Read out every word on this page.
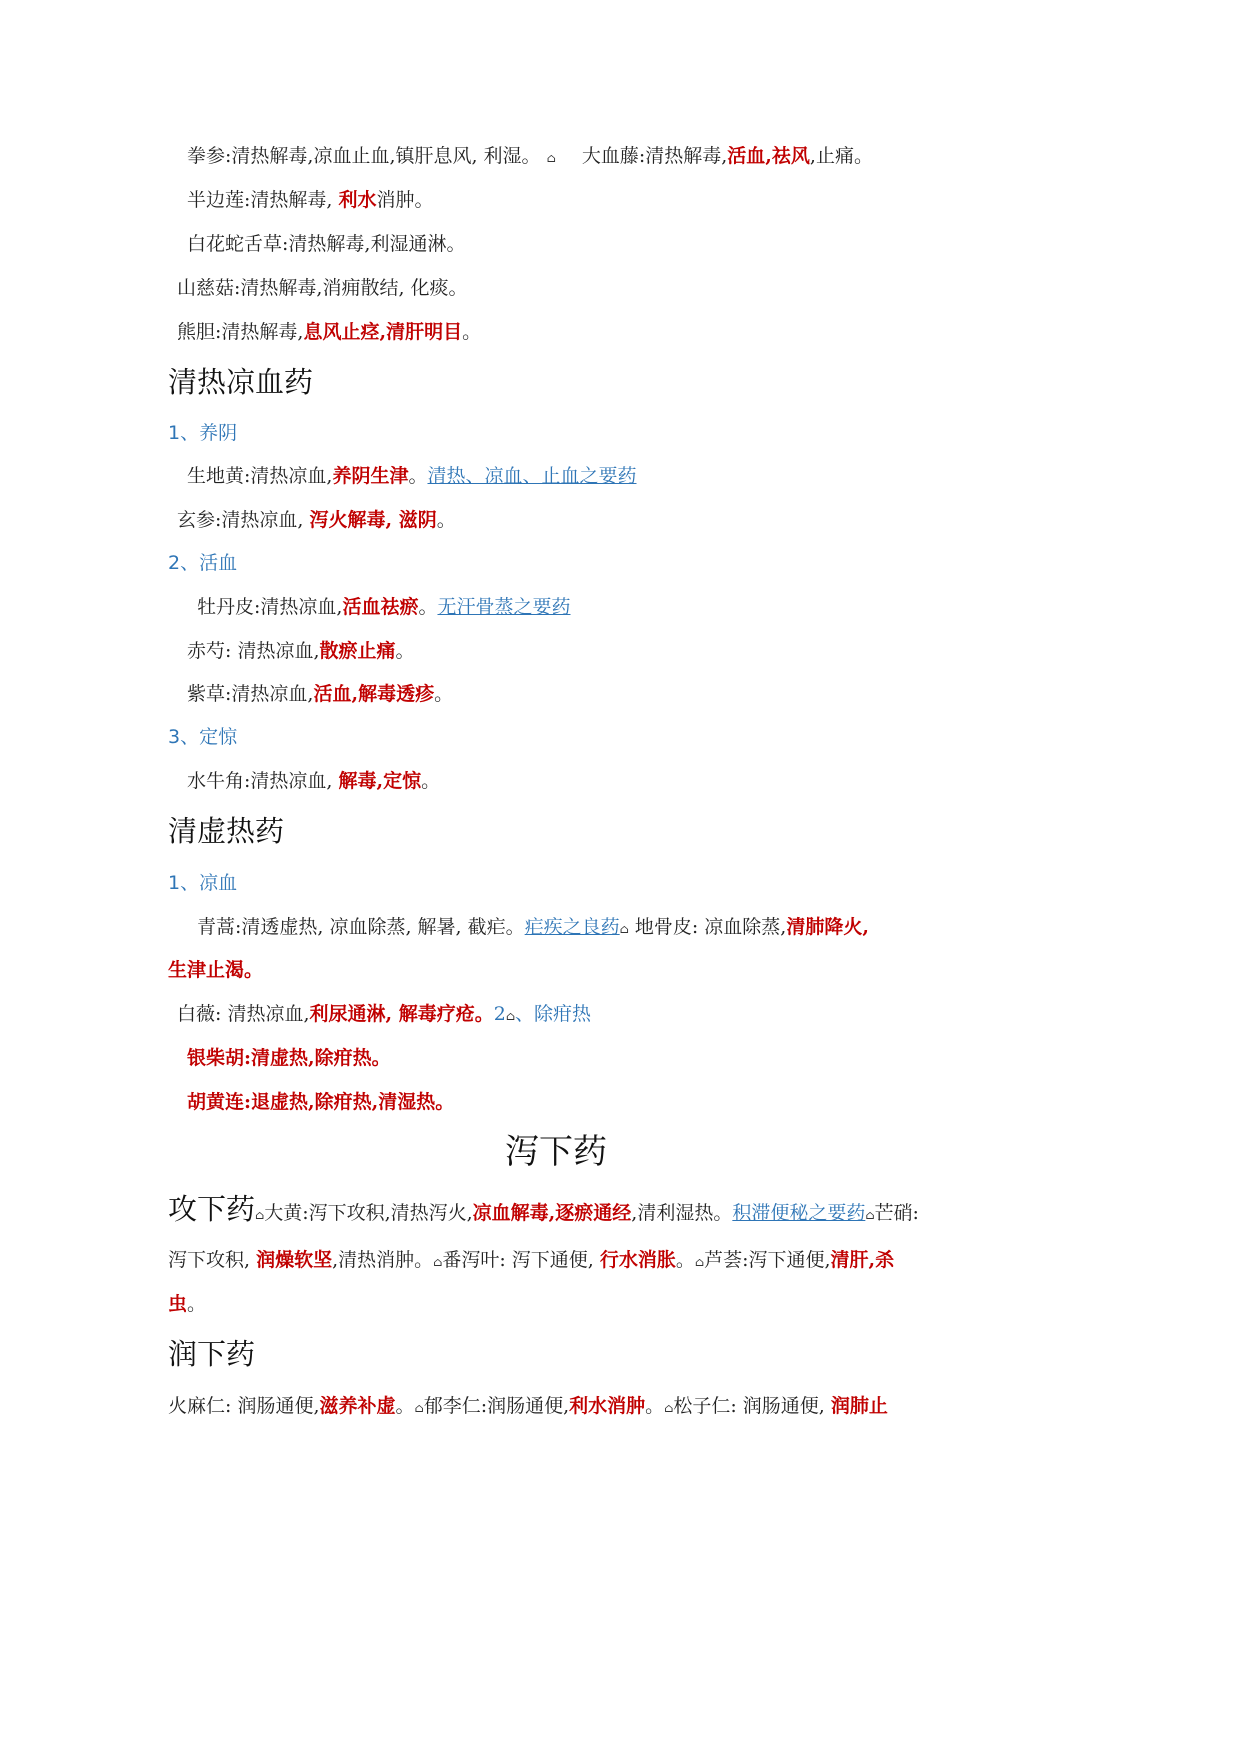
拳参:清热解毒,凉血止血,镇肝息风, 利湿。 ⌂ 大血藤:清热解毒,活血,祛风,止痛。
半边莲:清热解毒, 利水消肿。
白花蛇舌草:清热解毒,利湿通淋。
山慈菇:清热解毒,消痈散结, 化痰。
熊胆:清热解毒,息风止痉,清肝明目。
清热凉血药
1、养阴
生地黄:清热凉血,养阴生津。清热、凉血、止血之要药
玄参:清热凉血, 泻火解毒, 滋阴。
2、活血
牡丹皮:清热凉血,活血祛瘀。无汗骨蒸之要药
赤芍: 清热凉血,散瘀止痛。
紫草:清热凉血,活血,解毒透疹。
3、定惊
水牛角:清热凉血, 解毒,定惊。
清虚热药
1、凉血
青蒿:清透虚热, 凉血除蒸, 解暑, 截疟。疟疾之良药⌂ 地骨皮: 凉血除蒸,清肺降火,
生津止渴。
白薇: 清热凉血,利尿通淋, 解毒疗疮。2⌂、除疳热
银柴胡:清虚热,除疳热。
胡黄连:退虚热,除疳热,清湿热。
泻下药
攻下药⌂大黄:泻下攻积,清热泻火,凉血解毒,逐瘀通经,清利湿热。积滞便秘之要药⌂芒硝:
泻下攻积, 润燥软坚,清热消肿。⌂番泻叶: 泻下通便, 行水消胀。⌂芦荟:泻下通便,清肝,杀
虫。
润下药
火麻仁: 润肠通便,滋养补虚。⌂郁李仁:润肠通便,利水消肿。⌂松子仁: 润肠通便, 润肺止
